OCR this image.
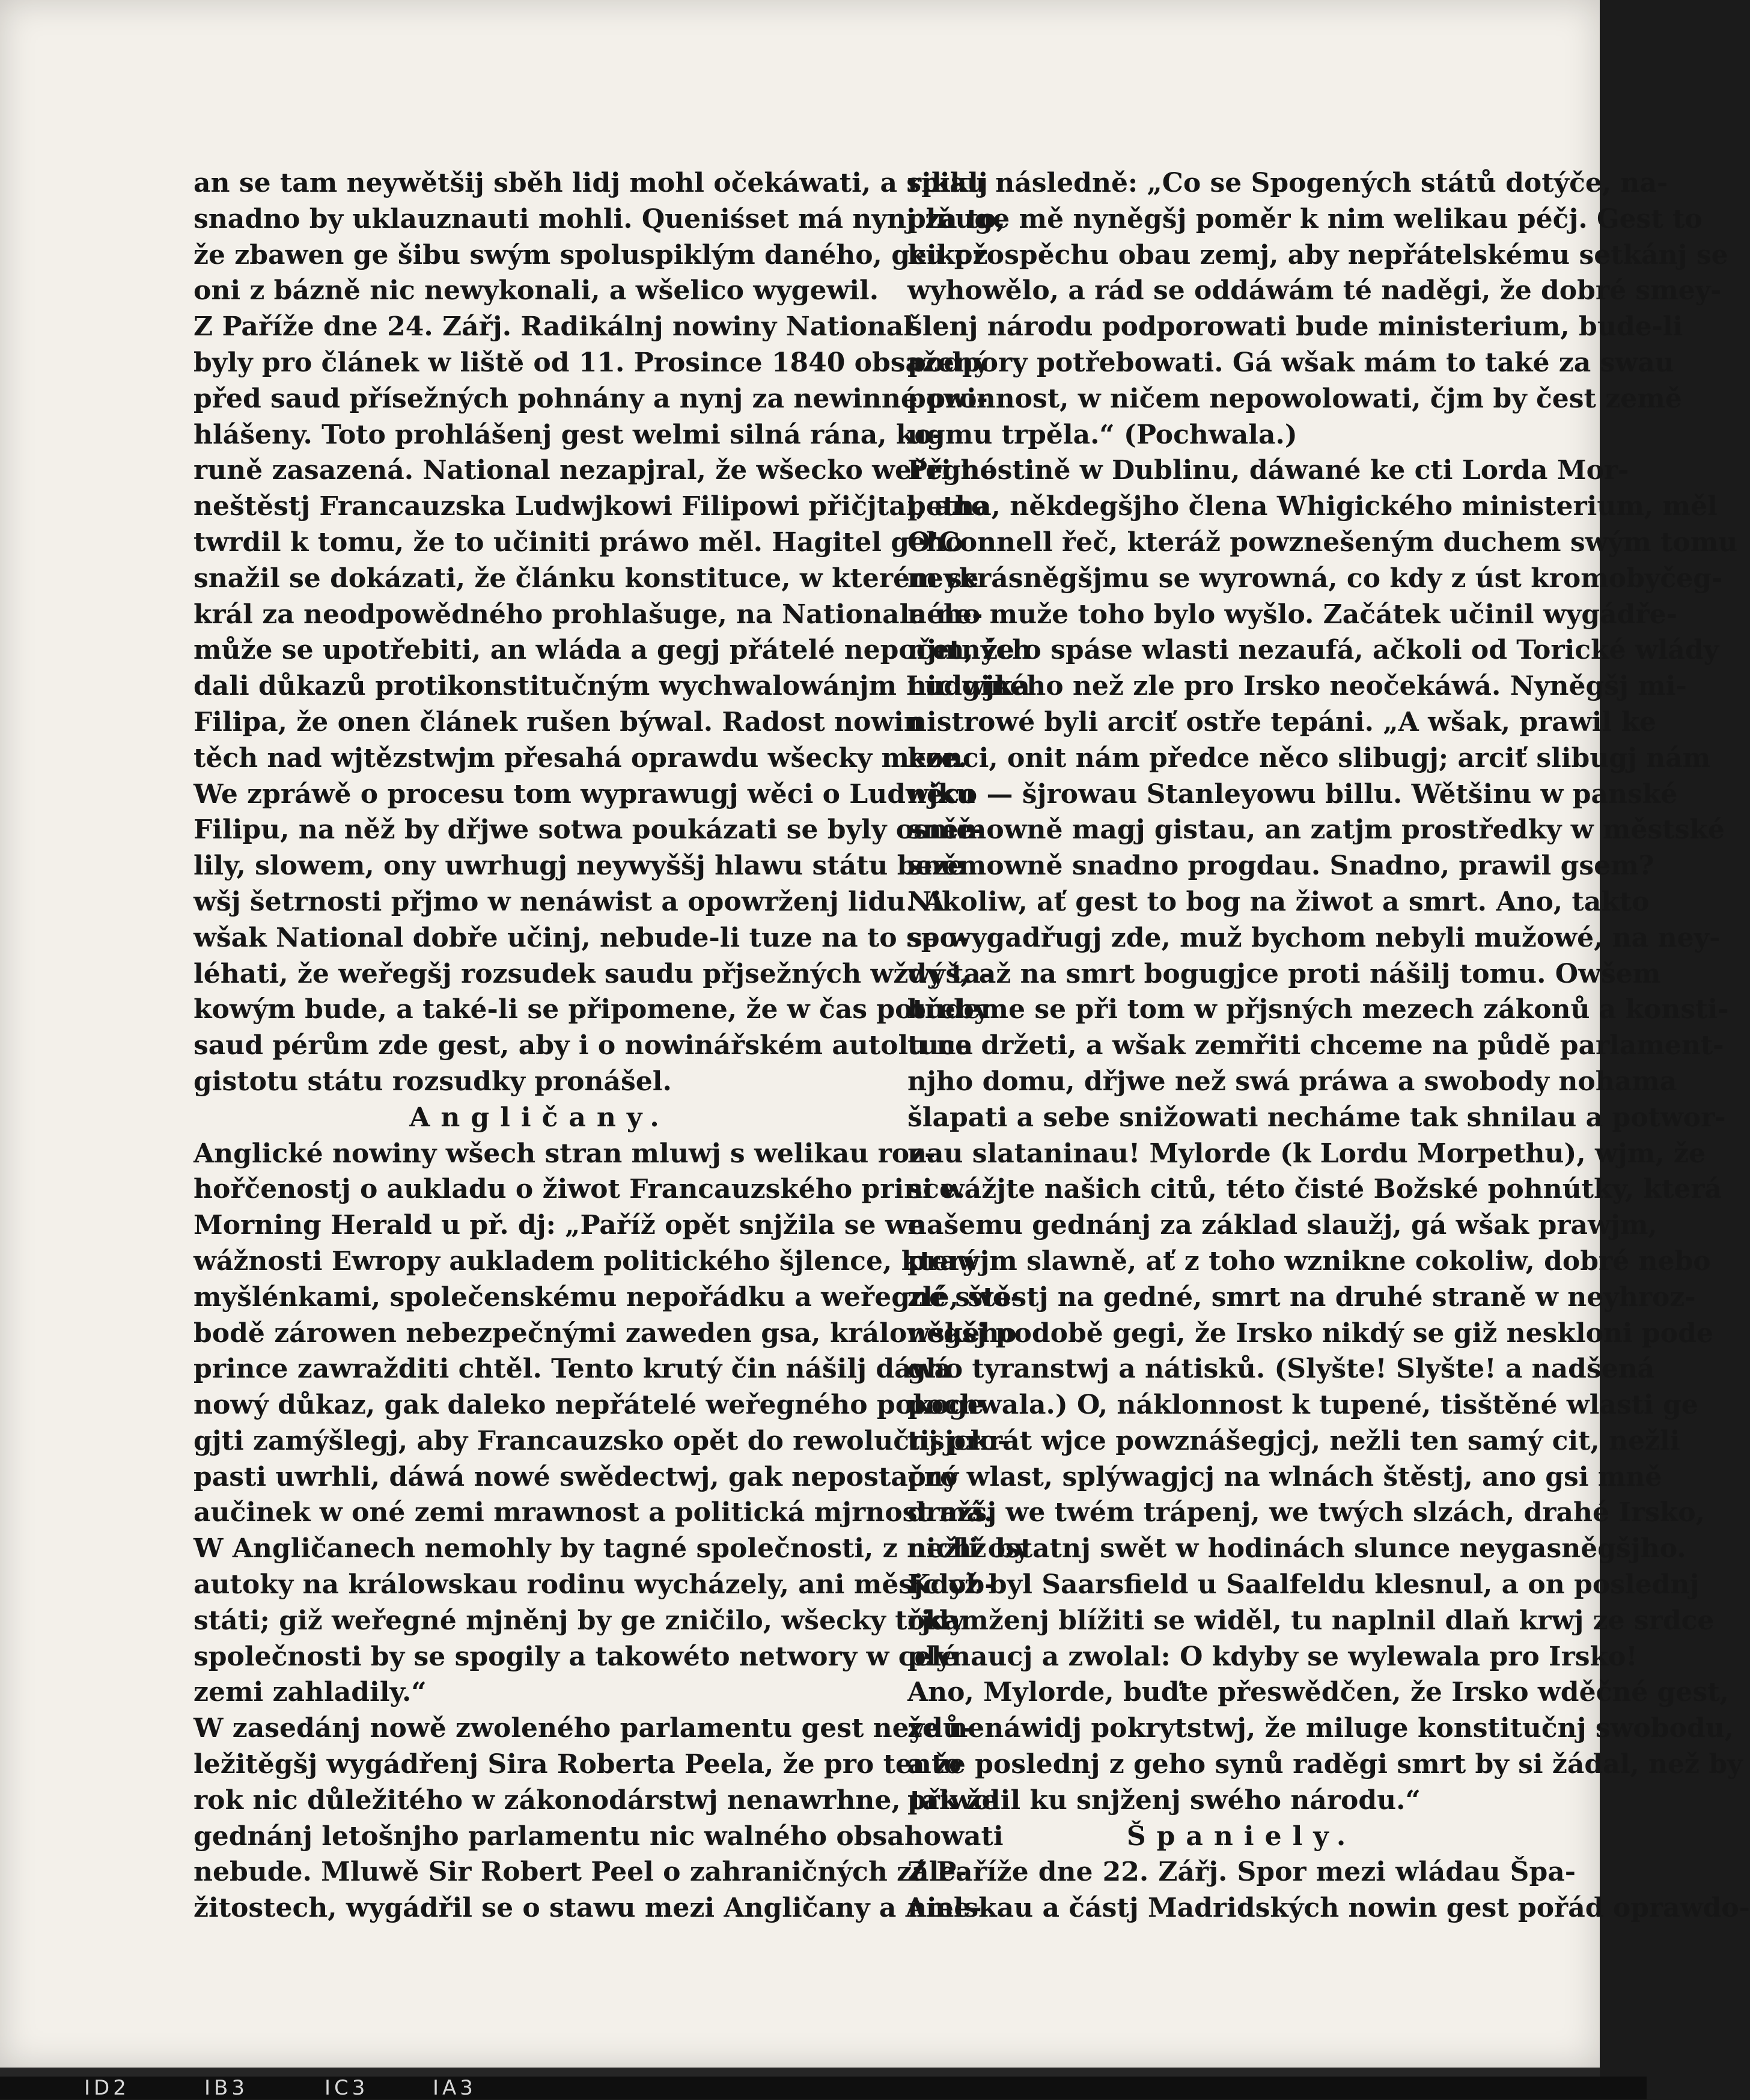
an se tam neywětšij sběh lidj mohl očekáwati, a spiklj
snadno by uklauznauti mohli. Queniśset má nynj za to,
že zbawen ge šibu swým spoluspiklým daného, geikož
oni z bázně nic newykonali, a wšelico wygewil.
Z Paříže dne 24. Zářj. Radikálnj nowiny National
byly pro článek w liště od 11. Prosince 1840 obsažený
před saud přísežných pohnány a nynj za newinné pro-
hlášeny. Toto prohlášenj gest welmi silná rána, ko-
runě zasazená. National nezapjral, že wšecko weřegné
neštěstj Francauzska Ludwjkowi Filipowi přičjtal, ano
twrdil k tomu, že to učiniti práwo měl. Hagitel geho
snažil se dokázati, že článku konstituce, w kterém se
král za neodpowědného prohlašuge, na Nationala ne-
může se upotřebiti, an wláda a gegj přátelé nepočetných
dali důkazů protikonstitučným wychwalowánjm Ludwjka
Filipa, že onen článek rušen býwal. Radost nowin
těch nad wjtězstwjm přesahá oprawdu wšecky meze.
We zpráwě o procesu tom wyprawugj wěci o Ludwjku
Filipu, na něž by dřjwe sotwa poukázati se byly osmě-
lily, slowem, ony uwrhugj neywyššj hlawu státu beze
wšj šetrnosti přjmo w nenáwist a opowrženj lidu. A
wšak National dobře učinj, nebude-li tuze na to spo-
léhati, že weřegšj rozsudek saudu přjsežných wždy ta-
kowým bude, a také-li se připomene, že w čas potřeby
saud pérům zde gest, aby i o nowinářském autolu na
gistotu státu rozsudky pronášel.
Angličany.
Anglické nowiny wšech stran mluwj s welikau roz-
hořčenostj o aukladu o žiwot Francauzského prince.
Morning Herald u př. dj: „Paříž opět snjžila se we
wážnosti Ewropy aukladem politického šjlence, který
myšlénkami, společenskému nepořádku a weřegné swo-
bodě zárowen nebezpečnými zaweden gsa, králowského
prince zawražditi chtěl. Tento krutý čin nášilj dáwá
nowý důkaz, gak daleko nepřátelé weřegného pokoge
gjti zamýšlegj, aby Francauzsko opět do rewolučnj pro-
pasti uwrhli, dáwá nowé swědectwj, gak nepostačný
aučinek w oné zemi mrawnost a politická mjrnost má.
W Angličanech nemohly by tagné společnosti, z nichž by
autoky na králowskau rodinu wycházely, ani měsjc ob-
státi; giž weřegné mjněnj by ge zničilo, wšecky třjdy
společnosti by se spogily a takowéto networy w celé
zemi zahladily.“
W zasedánj nowě zwoleného parlamentu gest neydů-
ležitěgšj wygádřenj Sira Roberta Peela, že pro tento
rok nic důležitého w zákonodárstwj nenawrhne, tak že
gednánj letošnjho parlamentu nic walného obsahowati
nebude. Mluwě Sir Robert Peel o zahraničných zále-
žitostech, wygádřil se o stawu mezi Angličany a Ame-
rikau následně: „Co se Spogených států dotýče, na-
plňuge mě nyněgšj poměr k nim welikau péčj. Gest to
ku prospěchu obau zemj, aby nepřátelskému setkánj se
wyhowělo, a rád se oddáwám té naděgi, že dobré smey-
šlenj národu podporowati bude ministerium, bude-li
podpory potřebowati. Gá wšak mám to také za swau
powinnost, w ničem nepowolowati, čjm by čest země
ugmu trpěla.“ (Pochwala.)
Při hostině w Dublinu, dáwané ke cti Lorda Mor-
petha, někdegšjho člena Whigického ministerium, měl
O'Connell řeč, kteráž powznešeným duchem swým tomu
neykrásněgšjmu se wyrowná, co kdy z úst kromobyčeg-
ného muže toho bylo wyšlo. Začátek učinil wygádře-
njm, že o spáse wlasti nezaufá, ačkoli od Torické wlády
nic giného než zle pro Irsko neočekáwá. Nyněgšj mi-
nistrowé byli arciť ostře tepáni. „A wšak, prawil ke
konci, onit nám předce něco slibugj; arciť slibugj nám
něco — šjrowau Stanleyowu billu. Wětšinu w panské
sněmowně magj gistau, an zatjm prostředky w městské
sněmowně snadno progdau. Snadno, prawil gsem?
Nikoliw, ať gest to bog na žiwot a smrt. Ano, takto
se wygadřugj zde, muž bychom nebyli mužowé, na ney-
wýš, až na smrt bogugjce proti nášilj tomu. Owšem
budeme se při tom w přjsných mezech zákonů a konsti-
tuce držeti, a wšak zemřiti chceme na půdě parlament-
njho domu, dřjwe než swá práwa a swobody nohama
šlapati a sebe snižowati necháme tak shnilau a potwor-
nau slataninau! Mylorde (k Lordu Morpethu), wjm, že
si wážjte našich citů, této čisté Božské pohnútky, která
našemu gednánj za základ slaužj, gá wšak prawjm,
prawjm slawně, ať z toho wznikne cokoliw, dobré nebo
zlé, štěstj na gedné, smrt na druhé straně w neyhroz-
něgšj podobě gegi, že Irsko nikdý se giž neskloni pode
gho tyranstwj a nátisků. (Slyšte! Slyšte! a nadšená
pochwala.) O, náklonnost k tupené, tisštěné wlasti ge
tisjckrát wjce powznášegjcj, nežli ten samý cit, nežli
pro wlast, splýwagjcj na wlnách štěstj, ano gsi mně
dražšj we twém trápenj, we twých slzách, drahé Irsko,
nežli ostatnj swět w hodinách slunce neygasněgšjho.
Když byl Saarsfield u Saalfeldu klesnul, a on poslednj
okamženj blížiti se widěl, tu naplnil dlaň krwj ze srdce
plynaucj a zwolal: O kdyby se wylewala pro Irsko!
Ano, Mylorde, buďte přeswědčen, že Irsko wděčné gest,
že nenáwidj pokrytstwj, že miluge konstitučnj swobodu,
a že poslednj z geho synů raděgi smrt by si žádal, než by
přiwolil ku snjženj swého národu.“
Španiely.
Z Paříže dne 22. Zářj. Spor mezi wládau Špa-
nielskau a částj Madridských nowin gest pořád oprawdo-
ID2	IB3	IC3	IA3
